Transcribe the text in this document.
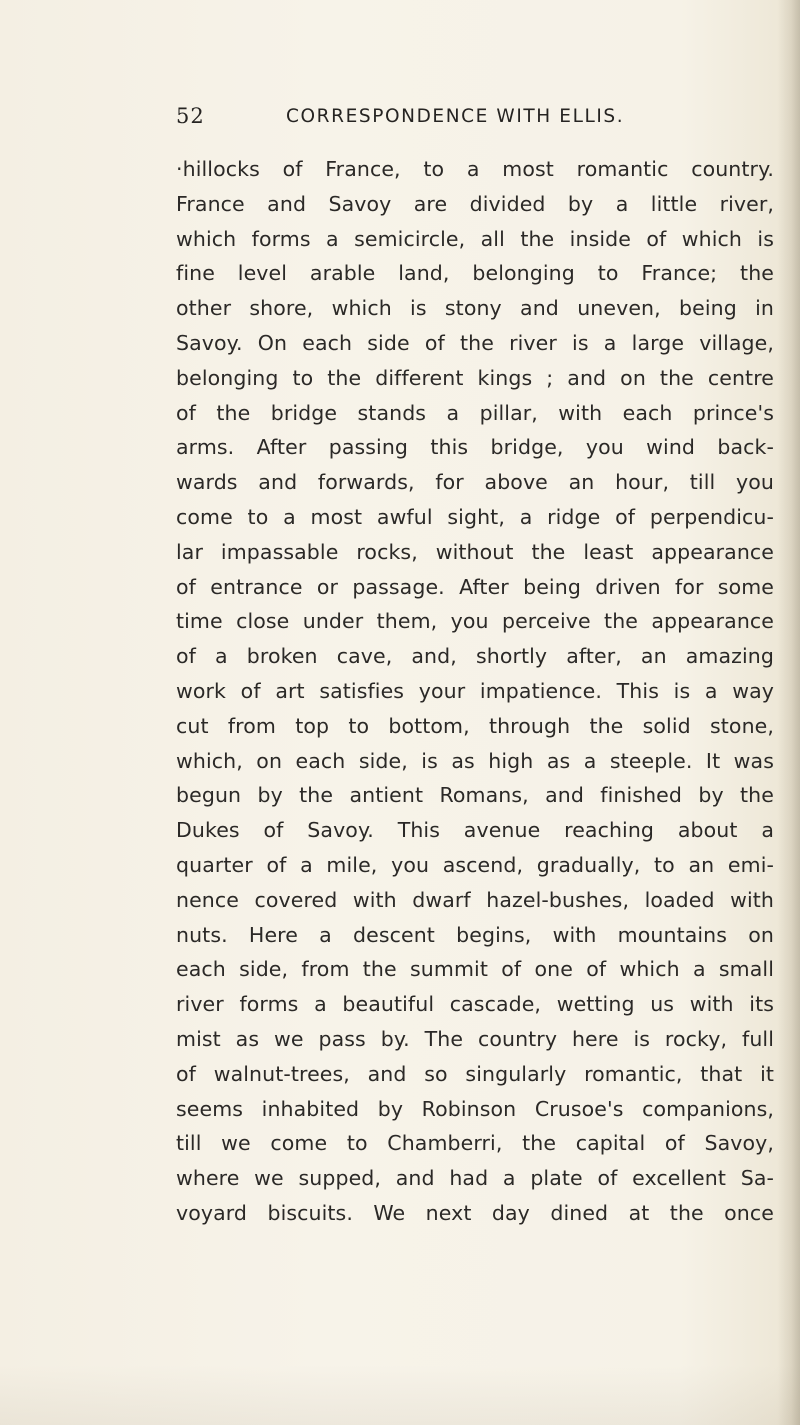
52	CORRESPONDENCE WITH ELLIS.
·hillocks of France, to a most romantic country.
France and Savoy are divided by a little river,
which forms a semicircle, all the inside of which is
fine level arable land, belonging to France; the
other shore, which is stony and uneven, being in
Savoy. On each side of the river is a large village,
belonging to the different kings ; and on the centre
of the bridge stands a pillar, with each prince's
arms. After passing this bridge, you wind back-
wards and forwards, for above an hour, till you
come to a most awful sight, a ridge of perpendicu-
lar impassable rocks, without the least appearance
of entrance or passage. After being driven for some
time close under them, you perceive the appearance
of a broken cave, and, shortly after, an amazing
work of art satisfies your impatience. This is a way
cut from top to bottom, through the solid stone,
which, on each side, is as high as a steeple. It was
begun by the antient Romans, and finished by the
Dukes of Savoy. This avenue reaching about a
quarter of a mile, you ascend, gradually, to an emi-
nence covered with dwarf hazel-bushes, loaded with
nuts. Here a descent begins, with mountains on
each side, from the summit of one of which a small
river forms a beautiful cascade, wetting us with its
mist as we pass by. The country here is rocky, full
of walnut-trees, and so singularly romantic, that it
seems inhabited by Robinson Crusoe's companions,
till we come to Chamberri, the capital of Savoy,
where we supped, and had a plate of excellent Sa-
voyard biscuits. We next day dined at the once
